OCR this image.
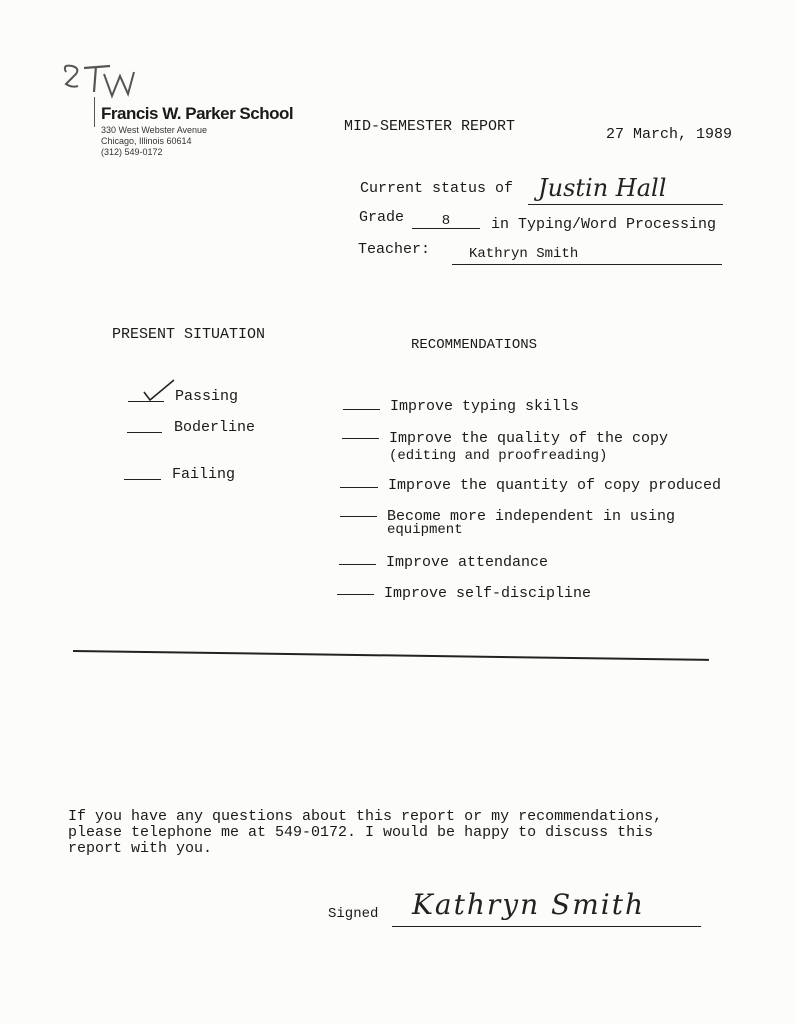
Francis W. Parker School
330 West Webster Avenue
Chicago, Illinois 60614
(312) 549-0172
MID-SEMESTER REPORT	27 March, 1989
Current status of Justin Hall
Grade	8	in Typing/Word Processing
Teacher:	Kathryn Smith
PRESENT SITUATION
RECOMMENDATIONS
Passing
Boderline
Failing
Improve typing skills
Improve the quality of the copy
(editing and proofreading)
Improve the quantity of copy produced
Become more independent in using
equipment
Improve attendance
Improve self-discipline
If you have any questions about this report or my recommendations,
please telephone me at 549-0172. I would be happy to discuss this
report with you.
Signed Kathryn Smith
